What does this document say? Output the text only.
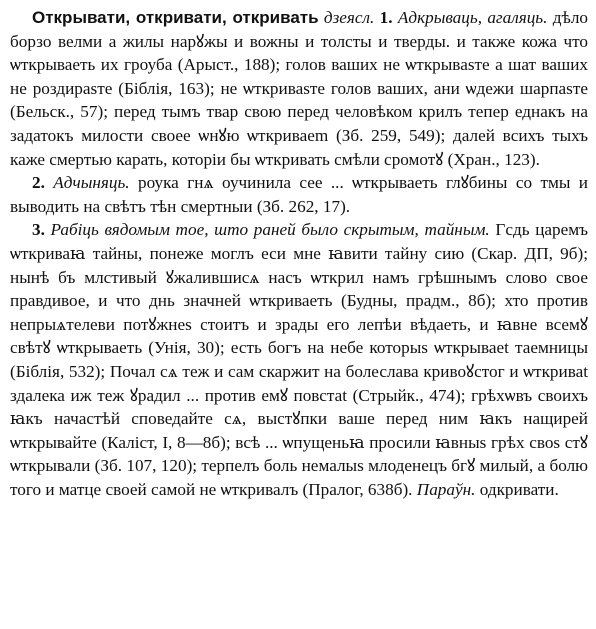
Открывати, откривати, откривать дзеясл. 1. Адкрываць, агаляць. дѣло борзо велми а жилы нарꙋжы и вожны и толсты и тверды. и также кожа что ѡткрываеть их гроуба (Арыст., 188); голов ваших не ѡткрываѕте а шат ваших не роздираѕте (Біблія, 163); не ѡткриваѕте голов ваших, ани ѡдежи шарпаѕте (Бельск., 57); перед тымъ твар свою перед человѣком крилъ тепер еднакъ на задатокъ милости своее ѡнꙋю ѡткриваеm (Зб. 259, 549); далей всихъ тыхъ каже смертью карать, которіи бы ѡткривать смѣли сромотꙋ (Хран., 123).

2. Адчыняць. роука гнѧ оучинила сее ... ѡткрываеть глꙋбины со тмы и выводить на свѣтъ тѣн смертныи (Зб. 262, 17).

3. Рабіць вядомым тое, што раней было скрытым, тайным. Гсдь царемъ ѡткриваꙗ тайны, понеже моглъ еси мне ꙗвити тайну сию (Скар. ДП, 9б); нынѣ бъ млстивый ꙋжалившисѧ насъ ѡткрил намъ грѣшнымъ слово свое правдивое, и что днь значней ѡткриваеть (Будны, прадм., 8б); хто против непрыѧтелеви потꙋжнеѕ стоитъ и зрады его лепѣи вѣдаеть, и ꙗвне всемꙋ свѣтꙋ ѡткрываеть (Унія, 30); есть богъ на небе которыѕ ѡткрываеt таемницы (Біблія, 532); Почал сѧ теж и сам скаржит на болеслава кривоꙋстог и ѡткриваt здалека иж теж ꙋрадил ... против емꙋ повстаt (Стрыйк., 474); грѣхѡвъ своихъ ꙗкъ начастѣй споведайте сѧ, выстꙋпки ваше перед ним ꙗкъ нащирей ѡткрывайте (Каліст, I, 8—8б); всѣ ... ѡпущеньꙗ просили ꙗвныѕ грѣх своѕ стꙋ ѡткрывали (Зб. 107, 120); терпелъ боль немалыѕ млоденецъ бгꙋ милый, а болю того и матце своей самой не ѡткривалъ (Пралог, 638б). Параўн. одкривати.
